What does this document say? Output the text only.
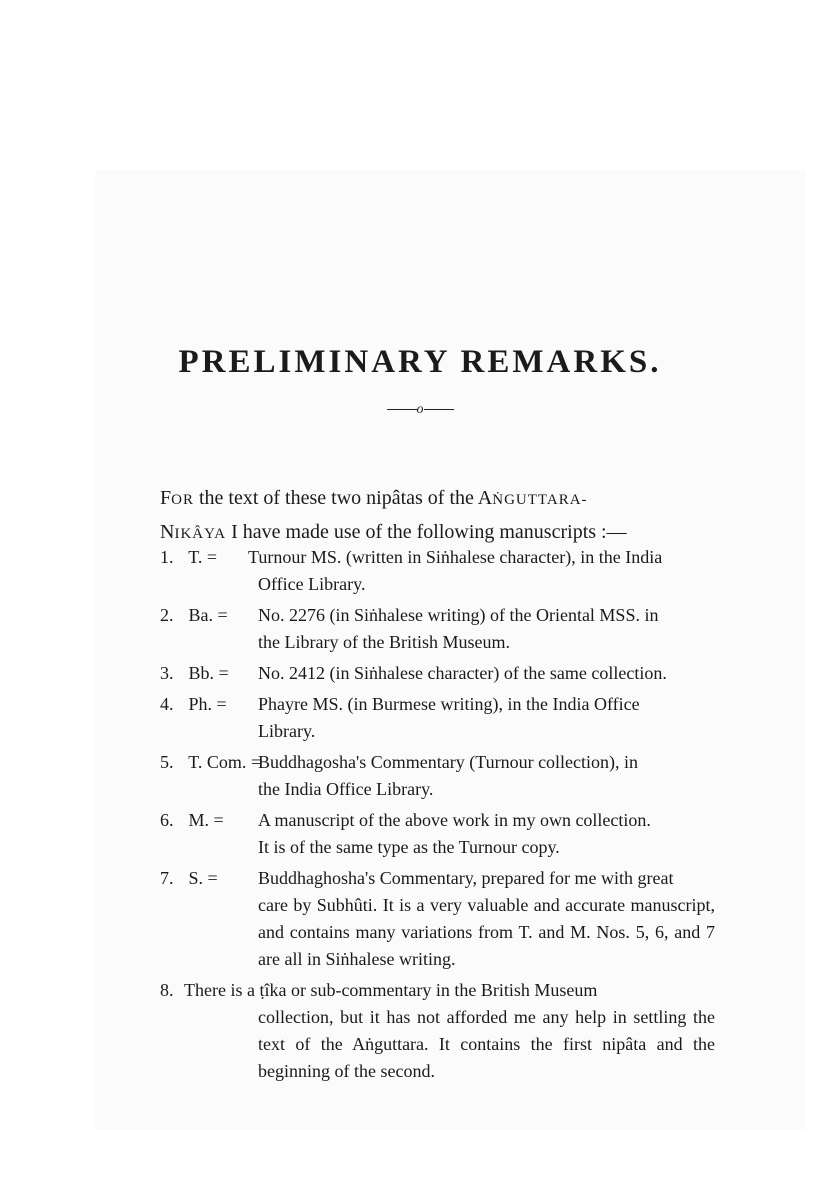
PRELIMINARY REMARKS.
o

FOR the text of these two nipâtas of the AṄGUTTARA-
NIKÂYA I have made use of the following manuscripts :—

1. T. =	Turnour MS. (written in Siṅhalese character), in the India
Office Library.
2. Ba. =	No. 2276 (in Siṅhalese writing) of the Oriental MSS. in
the Library of the British Museum.
3. Bb. =	No. 2412 (in Siṅhalese character) of the same collection.
4. Ph. =	Phayre MS. (in Burmese writing), in the India Office
Library.
5. T. Com. =
Buddhagosha's Commentary (Turnour collection), in
the India Office Library.
6. M. =	A manuscript of the above work in my own collection.
It is of the same type as the Turnour copy.
7. S. =	Buddhaghosha's Commentary, prepared for me with great
care by Subhûti. It is a very valuable and accurate manuscript, and contains many variations from T. and M. Nos. 5, 6, and 7 are all in Siṅhalese writing.
8. There is a ṭîka or sub-commentary in the British Museum
collection, but it has not afforded me any help in settling the text of the Aṅguttara. It contains the first nipâta and the beginning of the second.
